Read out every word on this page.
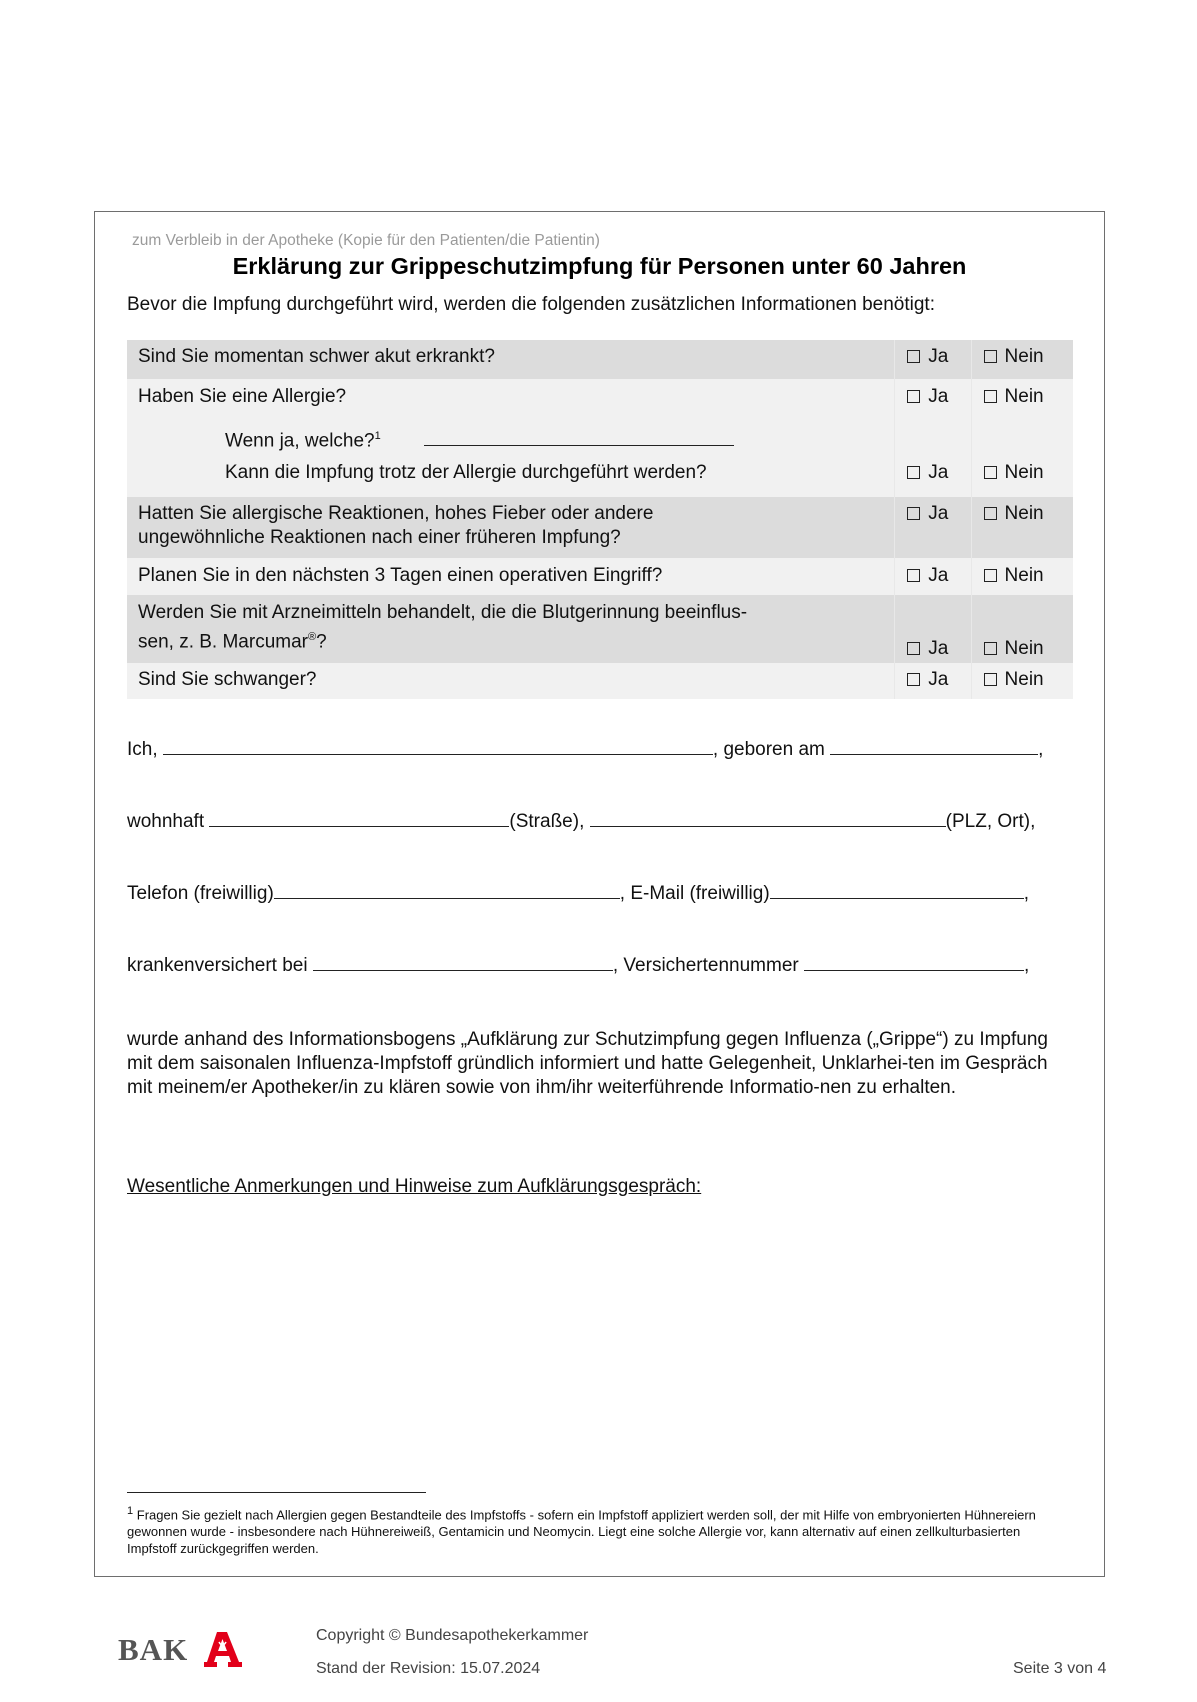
zum Verbleib in der Apotheke (Kopie für den Patienten/die Patientin)
Erklärung zur Grippeschutzimpfung für Personen unter 60 Jahren
Bevor die Impfung durchgeführt wird, werden die folgenden zusätzlichen Informationen benötigt:
Sind Sie momentan schwer akut erkrankt?	Ja	Nein
Haben Sie eine Allergie?	Ja	Nein
Wenn ja, welche?$^1$		
Kann die Impfung trotz der Allergie durchgeführt werden?	Ja	Nein
Hatten Sie allergische Reaktionen, hohes Fieber oder andere
ungewöhnliche Reaktionen nach einer früheren Impfung?	Ja	Nein
Planen Sie in den nächsten 3 Tagen einen operativen Eingriff?	Ja	Nein
Werden Sie mit Arzneimitteln behandelt, die die Blutgerinnung beeinflus-
sen, z. B. Marcumar®?	Ja	Nein
Sind Sie schwanger?	Ja	Nein
Ich,	, geboren am	,
wohnhaft	(Straße),	(PLZ, Ort),
Telefon (freiwillig)	, E-Mail (freiwillig)	,
krankenversichert bei	, Versichertennummer	,
wurde anhand des Informationsbogens „Aufklärung zur Schutzimpfung gegen Influenza („Grippe“) zu Impfung mit dem saisonalen Influenza-Impfstoff gründlich informiert und hatte Gelegenheit, Unklarhei-ten im Gespräch mit meinem/er Apotheker/in zu klären sowie von ihm/ihr weiterführende Informatio-nen zu erhalten.
Wesentliche Anmerkungen und Hinweise zum Aufklärungsgespräch:
$^1$ Fragen Sie gezielt nach Allergien gegen Bestandteile des Impfstoffs - sofern ein Impfstoff appliziert werden soll, der mit Hilfe von embryonierten Hühnereiern gewonnen wurde - insbesondere nach Hühnereiweiß, Gentamicin und Neomycin. Liegt eine solche Allergie vor, kann alternativ auf einen zellkulturbasierten Impfstoff zurückgegriffen werden.
BAK	Copyright © Bundesapothekerkammer
Stand der Revision: 15.07.2024	Seite 3 von 4
